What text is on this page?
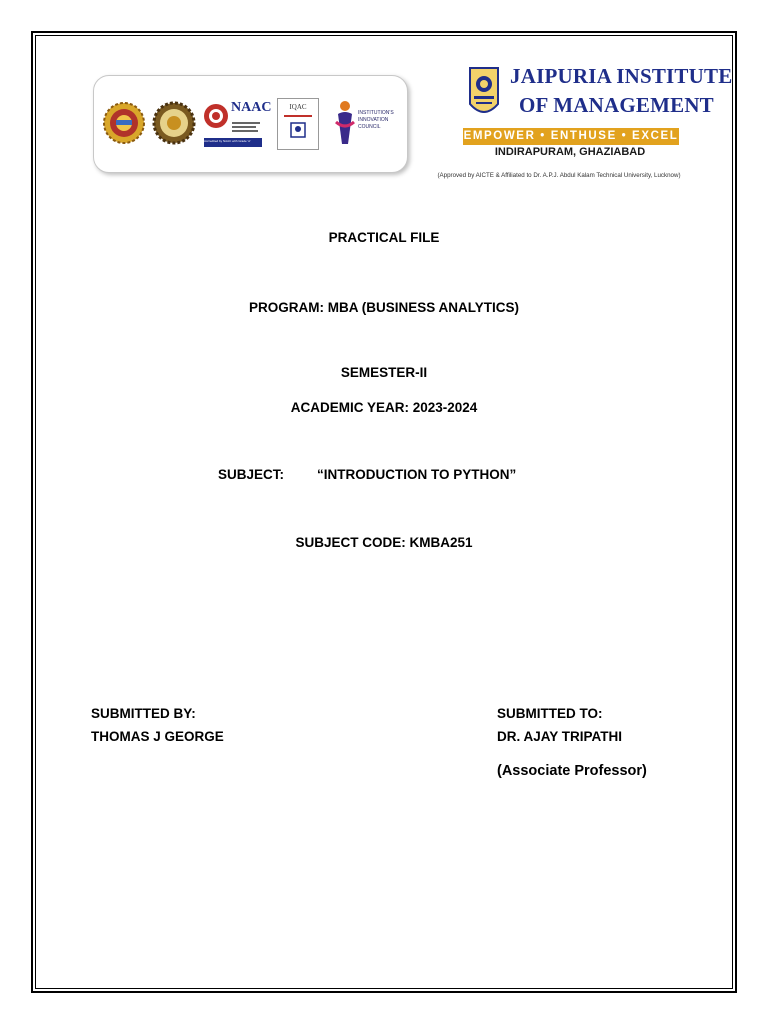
NAAC
Accredited by NAAC with Grade 'A'
IQAC
INSTITUTION'S INNOVATION COUNCIL
JAIPURIA INSTITUTE
OF MANAGEMENT
EMPOWER • ENTHUSE • EXCEL
INDIRAPURAM, GHAZIABAD
(Approved by AICTE & Affiliated to Dr. A.P.J. Abdul Kalam Technical University, Lucknow)
PRACTICAL FILE
PROGRAM: MBA (BUSINESS ANALYTICS)
SEMESTER-II
ACADEMIC YEAR: 2023-2024
SUBJECT: “INTRODUCTION TO PYTHON”
SUBJECT CODE: KMBA251
SUBMITTED BY:
THOMAS J GEORGE
SUBMITTED TO:
DR. AJAY TRIPATHI
(Associate Professor)
